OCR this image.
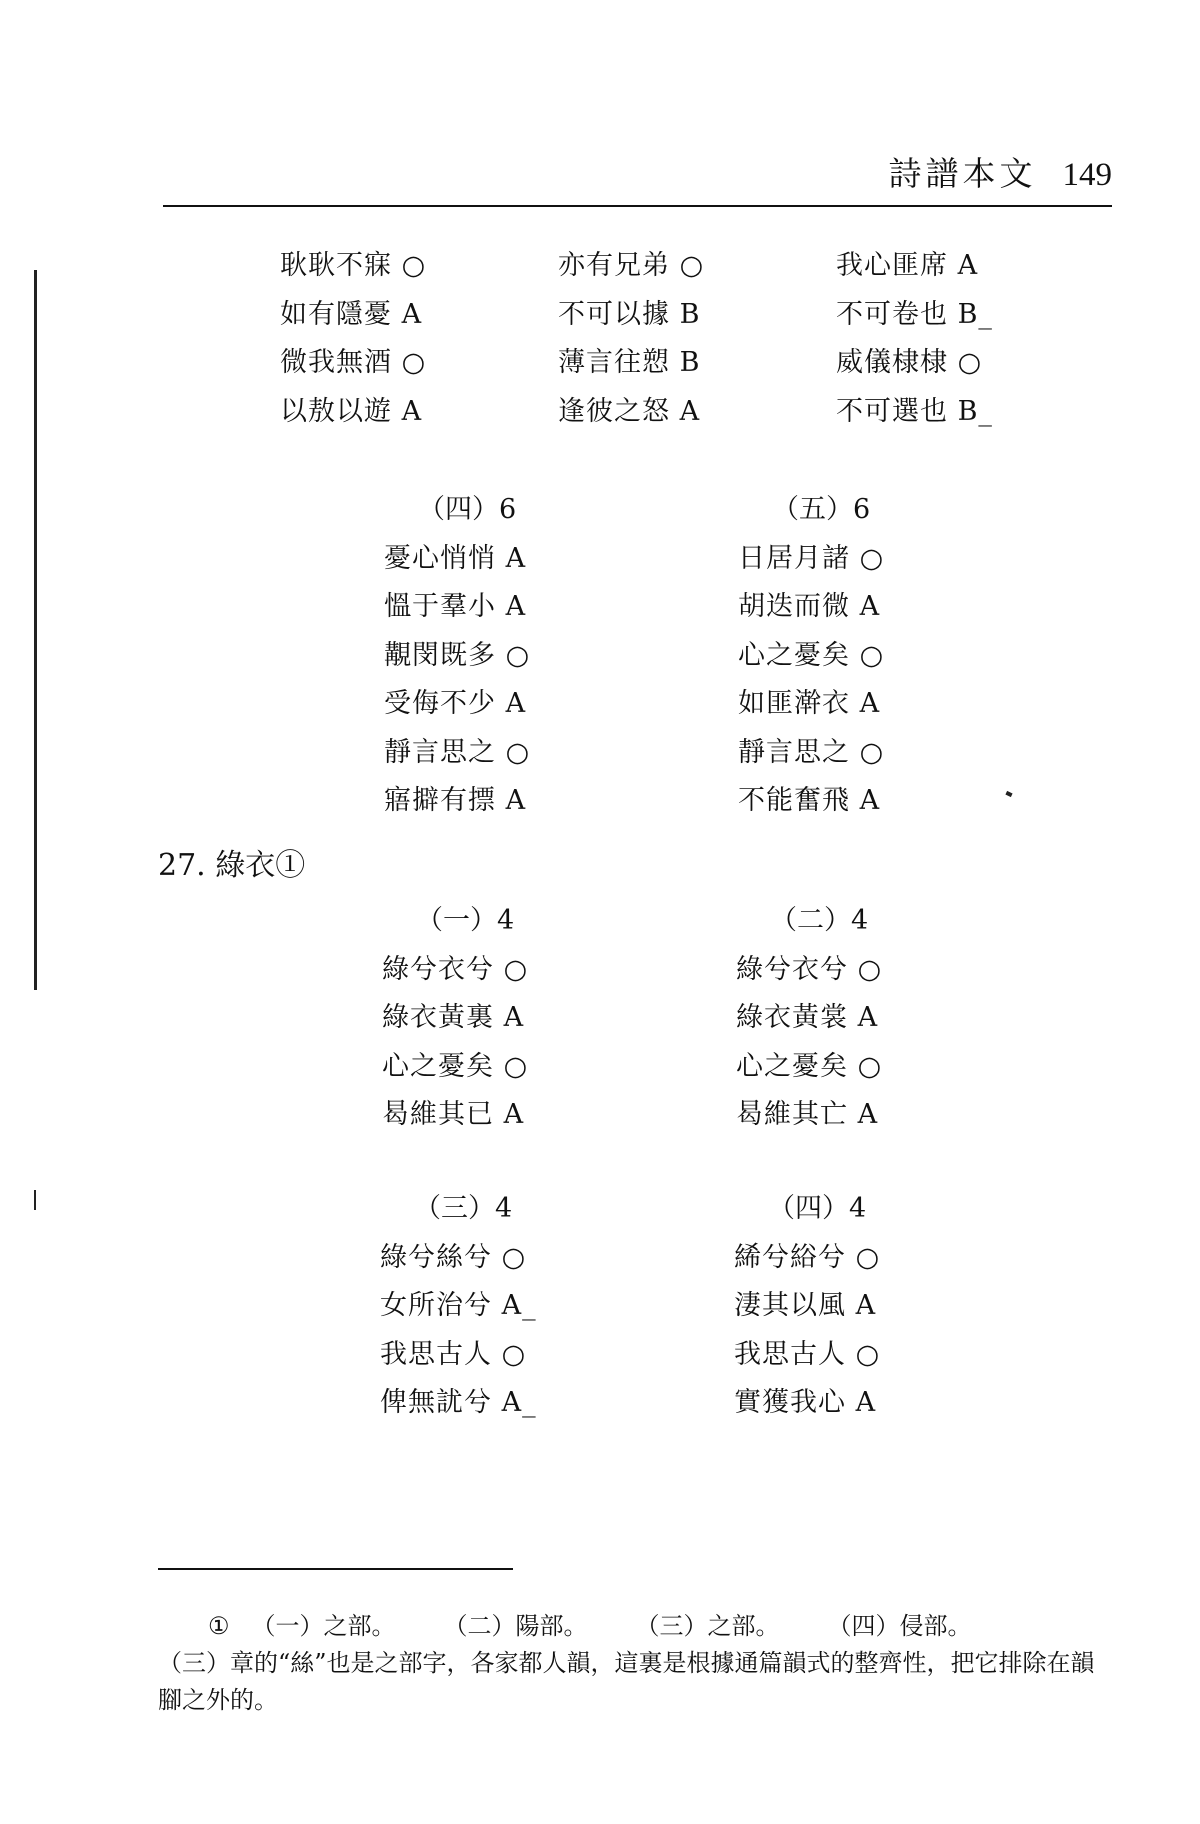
詩譜本文 149
耿耿不寐 ○
如有隱憂 A
微我無酒 ○
以敖以遊 A
亦有兄弟 ○
不可以據 B
薄言往愬 B
逢彼之怒 A
我心匪席 A
不可卷也 B_
威儀棣棣 ○
不可選也 B_
（四）6
憂心悄悄 A
慍于羣小 A
覯閔既多 ○
受侮不少 A
靜言思之 ○
寤擗有摽 A
（五）6
日居月諸 ○
胡迭而微 A
心之憂矣 ○
如匪澣衣 A
靜言思之 ○
不能奮飛 A
27. 綠衣①
（一）4
綠兮衣兮 ○
綠衣黃裏 A
心之憂矣 ○
曷維其已 A
（二）4
綠兮衣兮 ○
綠衣黃裳 A
心之憂矣 ○
曷維其亡 A
（三）4
綠兮絲兮 ○
女所治兮 A_
我思古人 ○
俾無訧兮 A_
（四）4
絺兮綌兮 ○
淒其以風 A
我思古人 ○
實獲我心 A
① （一）之部。 （二）陽部。 （三）之部。 （四）侵部。
（三）章的“絲”也是之部字，各家都人韻，這裏是根據通篇韻式的整齊性，把它排除在韻腳之外的。
